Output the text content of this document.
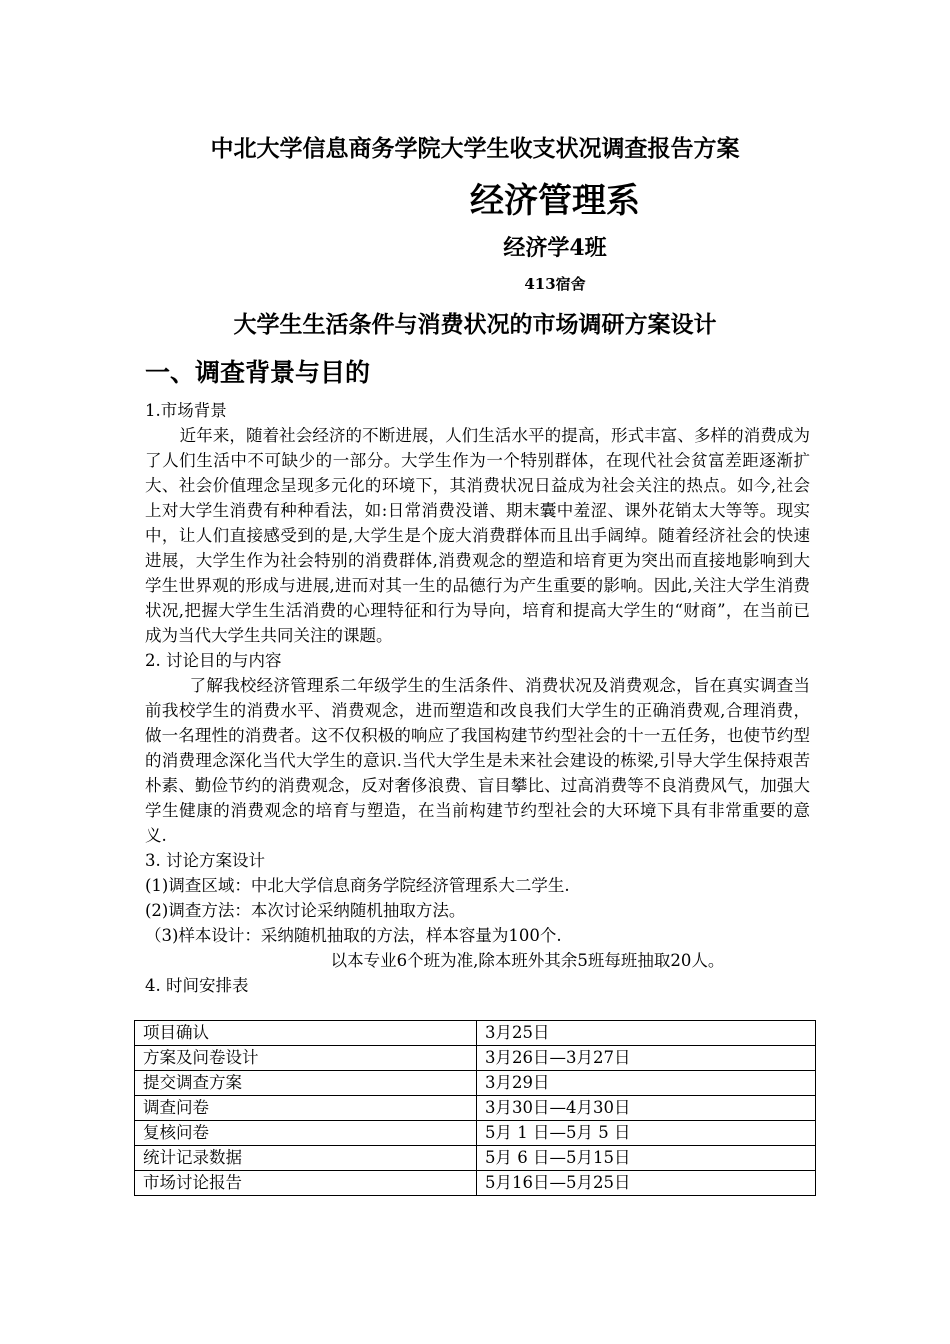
中北大学信息商务学院大学生收支状况调查报告方案
经济管理系
经济学4班
413宿舍
大学生生活条件与消费状况的市场调研方案设计
一、调查背景与目的

1.市场背景

近年来，随着社会经济的不断进展，人们生活水平的提高，形式丰富、多样的消费成为了人们生活中不可缺少的一部分。大学生作为一个特别群体，在现代社会贫富差距逐渐扩大、社会价值理念呈现多元化的环境下，其消费状况日益成为社会关注的热点。如今,社会上对大学生消费有种种看法，如:日常消费没谱、期末囊中羞涩、课外花销太大等等。现实中，让人们直接感受到的是,大学生是个庞大消费群体而且出手阔绰。随着经济社会的快速进展，大学生作为社会特别的消费群体,消费观念的塑造和培育更为突出而直接地影响到大学生世界观的形成与进展,进而对其一生的品德行为产生重要的影响。因此,关注大学生消费状况,把握大学生生活消费的心理特征和行为导向，培育和提高大学生的“财商”，在当前已成为当代大学生共同关注的课题。

2. 讨论目的与内容

了解我校经济管理系二年级学生的生活条件、消费状况及消费观念，旨在真实调查当前我校学生的消费水平、消费观念，进而塑造和改良我们大学生的正确消费观,合理消费，做一名理性的消费者。这不仅积极的响应了我国构建节约型社会的十一五任务，也使节约型的消费理念深化当代大学生的意识.当代大学生是未来社会建设的栋梁,引导大学生保持艰苦朴素、勤俭节约的消费观念，反对奢侈浪费、盲目攀比、过高消费等不良消费风气，加强大学生健康的消费观念的培育与塑造，在当前构建节约型社会的大环境下具有非常重要的意义.

3. 讨论方案设计

(1)调查区域：中北大学信息商务学院经济管理系大二学生.

(2)调查方法：本次讨论采纳随机抽取方法。

（3)样本设计：采纳随机抽取的方法，样本容量为100个.

以本专业6个班为准,除本班外其余5班每班抽取20人。

4. 时间安排表

项目确认	3月25日
方案及问卷设计	3月26日—3月27日
提交调查方案	3月29日
调查问卷	3月30日—4月30日
复核问卷	5月 1 日—5月 5 日
统计记录数据	5月 6 日—5月15日
市场讨论报告	5月16日—5月25日
